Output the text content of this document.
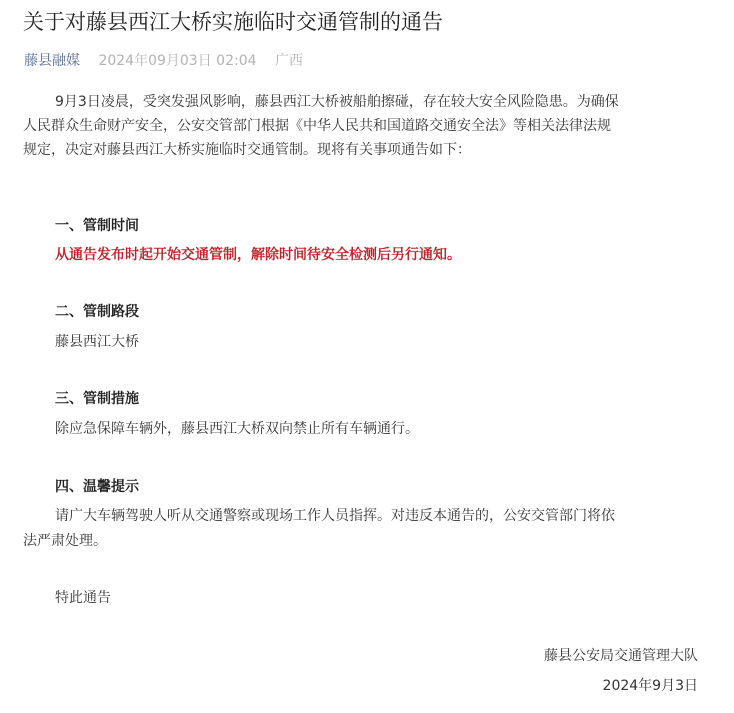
关于对藤县西江大桥实施临时交通管制的通告
藤县融媒 2024年09月03日 02:04 广西
9月3日凌晨，受突发强风影响，藤县西江大桥被船舶擦碰，存在较大安全风险隐患。为确保
人民群众生命财产安全，公安交管部门根据《中华人民共和国道路交通安全法》等相关法律法规
规定，决定对藤县西江大桥实施临时交通管制。现将有关事项通告如下：
一、管制时间
从通告发布时起开始交通管制，解除时间待安全检测后另行通知。
二、管制路段
藤县西江大桥
三、管制措施
除应急保障车辆外，藤县西江大桥双向禁止所有车辆通行。
四、温馨提示
请广大车辆驾驶人听从交通警察或现场工作人员指挥。对违反本通告的，公安交管部门将依
法严肃处理。
特此通告
藤县公安局交通管理大队
2024年9月3日
